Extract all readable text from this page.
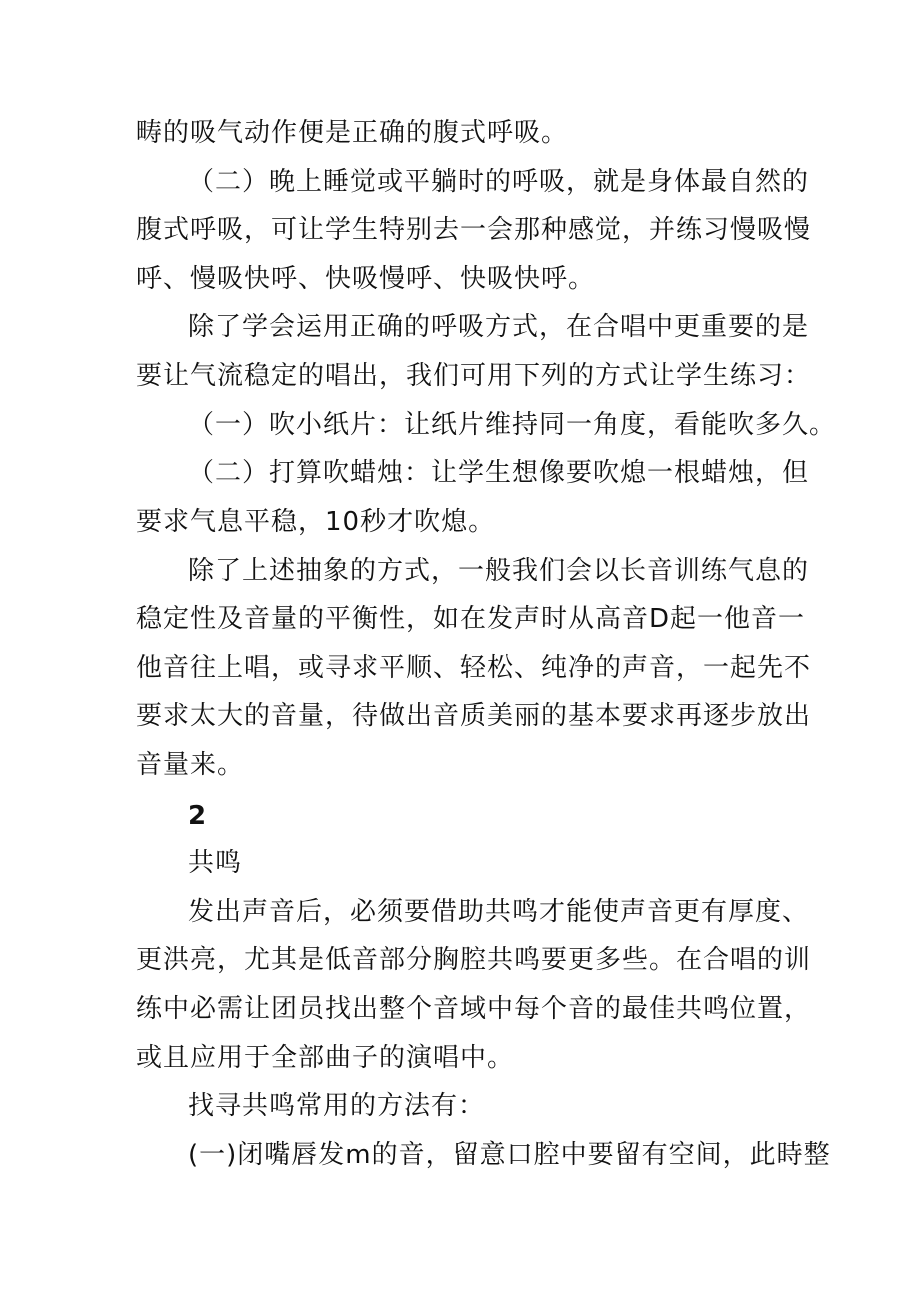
畴的吸气动作便是正确的腹式呼吸。
（二）晚上睡觉或平躺时的呼吸，就是身体最自然的
腹式呼吸，可让学生特别去一会那种感觉，并练习慢吸慢
呼、慢吸快呼、快吸慢呼、快吸快呼。
除了学会运用正确的呼吸方式，在合唱中更重要的是
要让气流稳定的唱出，我们可用下列的方式让学生练习：
（一）吹小纸片：让纸片维持同一角度，看能吹多久。
（二）打算吹蜡烛：让学生想像要吹熄一根蜡烛，但
要求气息平稳，10秒才吹熄。
除了上述抽象的方式，一般我们会以长音训练气息的
稳定性及音量的平衡性，如在发声时从高音D起一他音一
他音往上唱，或寻求平顺、轻松、纯净的声音，一起先不
要求太大的音量，待做出音质美丽的基本要求再逐步放出
音量来。
2
共鸣
发出声音后，必须要借助共鸣才能使声音更有厚度、
更洪亮，尤其是低音部分胸腔共鸣要更多些。在合唱的训
练中必需让团员找出整个音域中每个音的最佳共鸣位置，
或且应用于全部曲子的演唱中。
找寻共鸣常用的方法有：
(一)闭嘴唇发m的音，留意口腔中要留有空间，此時整
